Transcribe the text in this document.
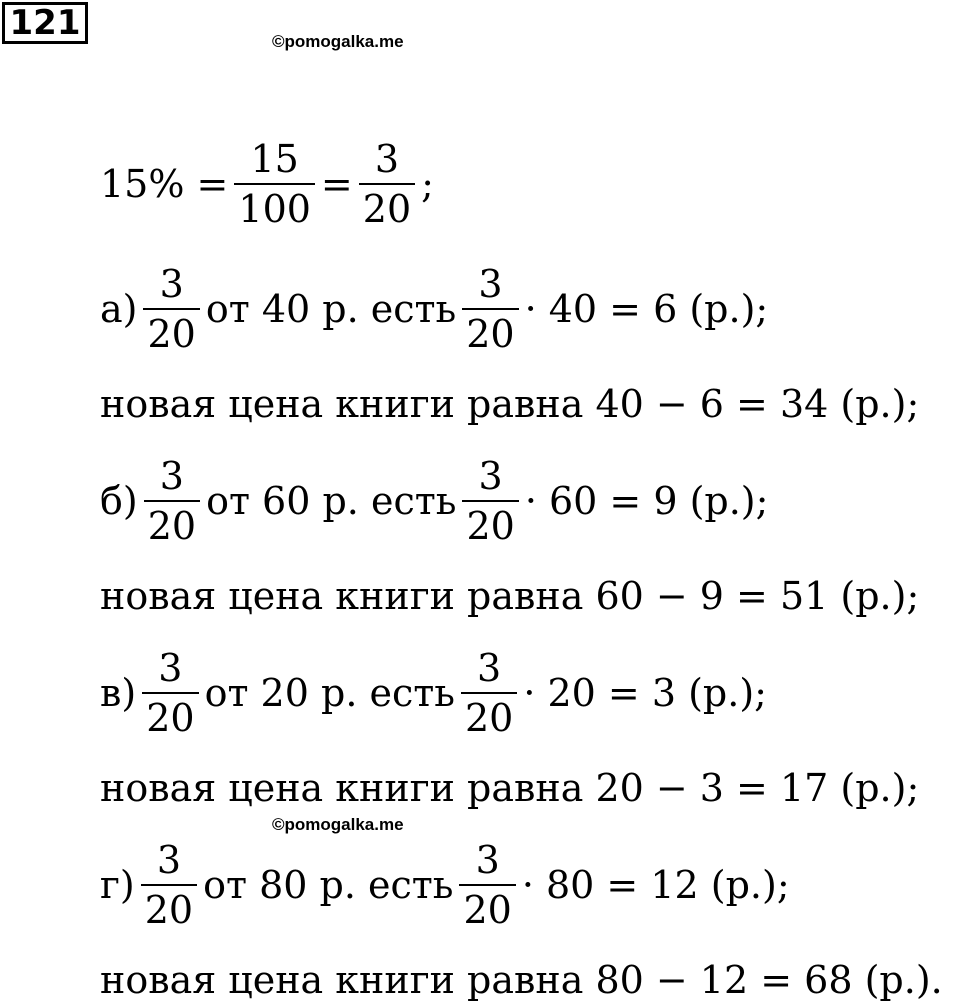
121	©pomogalka.me
$15\% = \frac{15}{100} = \frac{3}{20}$ ;
$а) \frac{3}{20}$ от 40 р. есть $\frac{3}{20} \cdot 40 = 6$ (р.);
новая цена книги равна 40 − 6 = 34 (р.);
$б) \frac{3}{20}$ от 60 р. есть $\frac{3}{20} \cdot 60 = 9$ (р.);
новая цена книги равна 60 − 9 = 51 (р.);
$в) \frac{3}{20}$ от 20 р. есть $\frac{3}{20} \cdot 20 = 3$ (р.);
новая цена книги равна 20 − 3 = 17 (р.);
©pomogalka.me
$г) \frac{3}{20}$ от 80 р. есть $\frac{3}{20} \cdot 80 = 12$ (р.);
новая цена книги равна 80 − 12 = 68 (р.).
